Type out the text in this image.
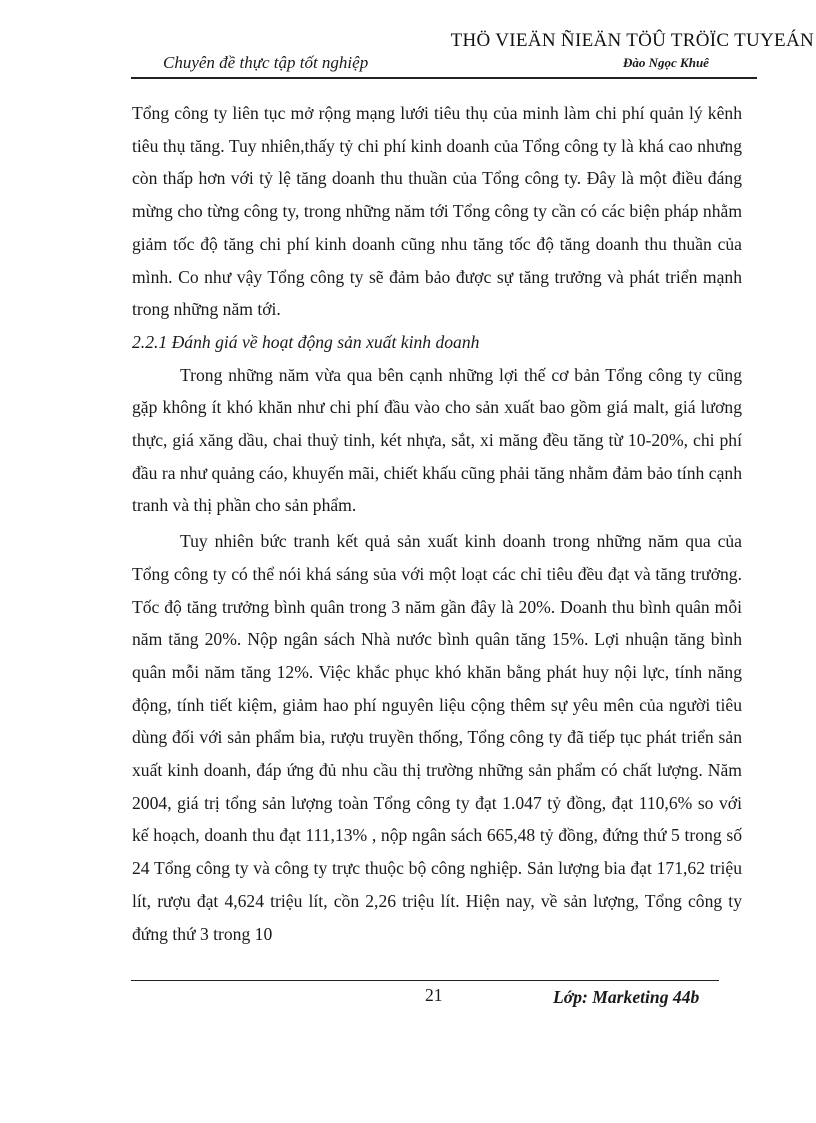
THÖ VIEÄN ÑIEÄN TÖÛ TRÖÏC TUYEÁN
Chuyên đề thực tập tốt nghiệp	Đào Ngọc Khuê

Tổng công ty liên tục mở rộng mạng lưới tiêu thụ của minh làm chi phí quản lý kênh tiêu thụ tăng. Tuy nhiên,thấy tỷ chi phí kinh doanh của Tổng công ty là khá cao nhưng còn thấp hơn với tỷ lệ tăng doanh thu thuần của Tổng công ty. Đây là một điều đáng mừng cho từng công ty, trong những năm tới Tổng công ty cần có các biện pháp nhằm giảm tốc độ tăng chi phí kinh doanh cũng nhu tăng tốc độ tăng doanh thu thuần của mình. Co như vậy Tổng công ty sẽ đảm bảo được sự tăng trưởng và phát triển mạnh trong những năm tới.

2.2.1 Đánh giá về hoạt động sản xuất kinh doanh

Trong những năm vừa qua bên cạnh những lợi thế cơ bản Tổng công ty cũng gặp không ít khó khăn như chi phí đầu vào cho sản xuất bao gồm giá malt, giá lương thực, giá xăng dầu, chai thuỷ tinh, két nhựa, sắt, xi măng đều tăng từ 10-20%, chi phí đầu ra như quảng cáo, khuyến mãi, chiết khấu cũng phải tăng nhằm đảm bảo tính cạnh tranh và thị phần cho sản phẩm.

Tuy nhiên bức tranh kết quả sản xuất kinh doanh trong những năm qua của Tổng công ty có thể nói khá sáng sủa với một loạt các chỉ tiêu đều đạt và tăng trưởng. Tốc độ tăng trưởng bình quân trong 3 năm gần đây là 20%. Doanh thu bình quân mỗi năm tăng 20%. Nộp ngân sách Nhà nước bình quân tăng 15%. Lợi nhuận tăng bình quân mỗi năm tăng 12%. Việc khắc phục khó khăn bằng phát huy nội lực, tính năng động, tính tiết kiệm, giảm hao phí nguyên liệu cộng thêm sự yêu mên của người tiêu dùng đối với sản phẩm bia, rượu truyền thống, Tổng công ty đã tiếp tục phát triển sản xuất kinh doanh, đáp ứng đủ nhu cầu thị trường những sản phẩm có chất lượng. Năm 2004, giá trị tổng sản lượng toàn Tổng công ty đạt 1.047 tỷ đồng, đạt 110,6% so với kế hoạch, doanh thu đạt 111,13% , nộp ngân sách 665,48 tỷ đồng, đứng thứ 5 trong số 24 Tổng công ty và công ty trực thuộc bộ công nghiệp. Sản lượng bia đạt 171,62 triệu lít, rượu đạt 4,624 triệu lít, cồn 2,26 triệu lít. Hiện nay, về sản lượng, Tổng công ty đứng thứ 3 trong 10

21	Lớp: Marketing 44b
